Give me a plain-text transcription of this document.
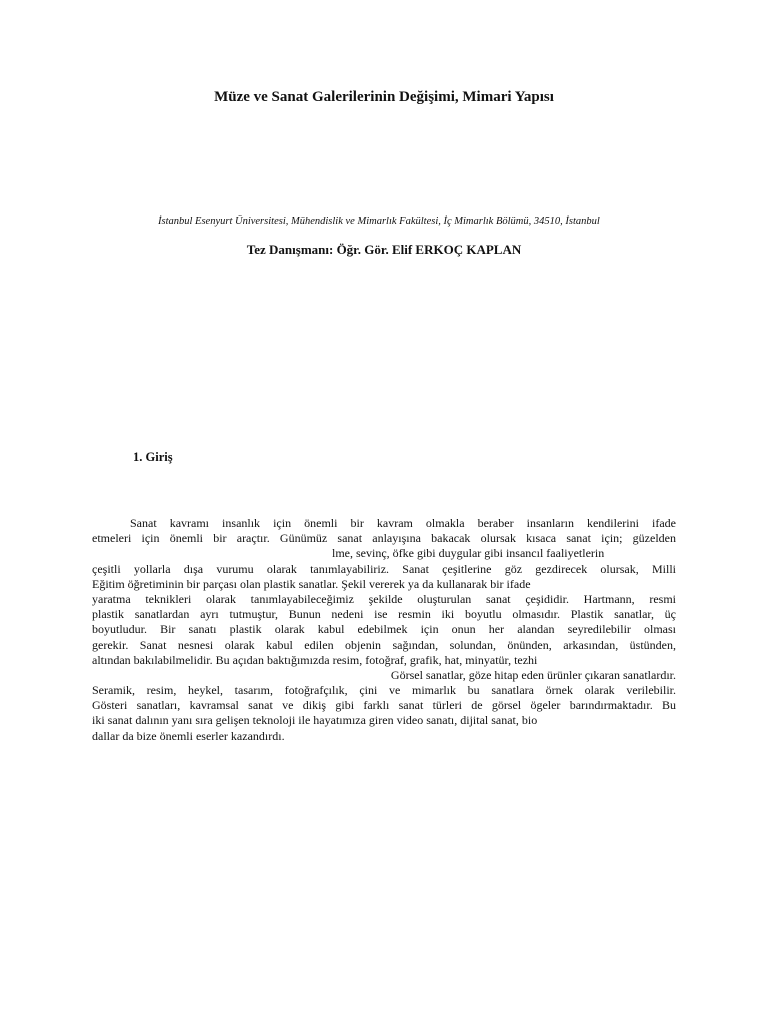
Müze ve Sanat Galerilerinin Değişimi, Mimari Yapısı

İstanbul Esenyurt Üniversitesi, Mühendislik ve Mimarlık Fakültesi, İç Mimarlık Bölümü, 34510, İstanbul

Tez Danışmanı: Öğr. Gör. Elif ERKOÇ KAPLAN

1. Giriş
Sanat kavramı insanlık için önemli bir kavram olmakla beraber insanların kendilerini ifade
etmeleri için önemli bir araçtır. Günümüz sanat anlayışına bakacak olursak kısaca sanat için; güzelden
lme, sevinç, öfke gibi duygular gibi insancıl faaliyetlerin
çeşitli yollarla dışa vurumu olarak tanımlayabiliriz. Sanat çeşitlerine göz gezdirecek olursak, Milli
Eğitim öğretiminin bir parçası olan plastik sanatlar. Şekil vererek ya da kullanarak bir ifade
yaratma teknikleri olarak tanımlayabileceğimiz şekilde oluşturulan sanat çeşididir. Hartmann, resmi
plastik sanatlardan ayrı tutmuştur, Bunun nedeni ise resmin iki boyutlu olmasıdır. Plastik sanatlar, üç
boyutludur. Bir sanatı plastik olarak kabul edebilmek için onun her alandan seyredilebilir olması
gerekir. Sanat nesnesi olarak kabul edilen objenin sağından, solundan, önünden, arkasından, üstünden,
altından bakılabilmelidir. Bu açıdan baktığımızda resim, fotoğraf, grafik, hat, minyatür, tezhi
Görsel sanatlar, göze hitap eden ürünler çıkaran sanatlardır.
Seramik, resim, heykel, tasarım, fotoğrafçılık, çini ve mimarlık bu sanatlara örnek olarak verilebilir.
Gösteri sanatları, kavramsal sanat ve dikiş gibi farklı sanat türleri de görsel ögeler barındırmaktadır. Bu
iki sanat dalının yanı sıra gelişen teknoloji ile hayatımıza giren video sanatı, dijital sanat, bio
dallar da bize önemli eserler kazandırdı.
